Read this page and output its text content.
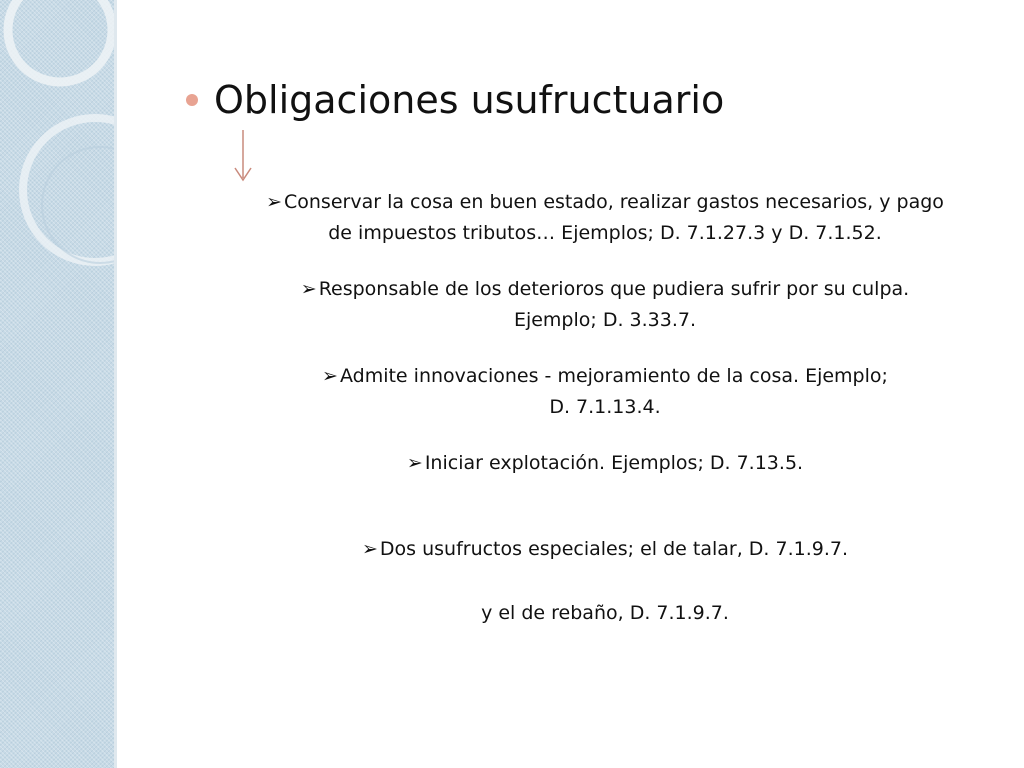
Obligaciones usufructuario
➢ Conservar la cosa en buen estado, realizar gastos necesarios, y pago
de impuestos tributos… Ejemplos; D. 7.1.27.3 y D. 7.1.52.
➢ Responsable de los deterioros que pudiera sufrir por su culpa.
Ejemplo; D. 3.33.7.
➢ Admite innovaciones - mejoramiento de la cosa. Ejemplo;
D. 7.1.13.4.
➢ Iniciar explotación. Ejemplos; D. 7.13.5.
➢ Dos usufructos especiales; el de talar, D. 7.1.9.7.
y el de rebaño, D. 7.1.9.7.
